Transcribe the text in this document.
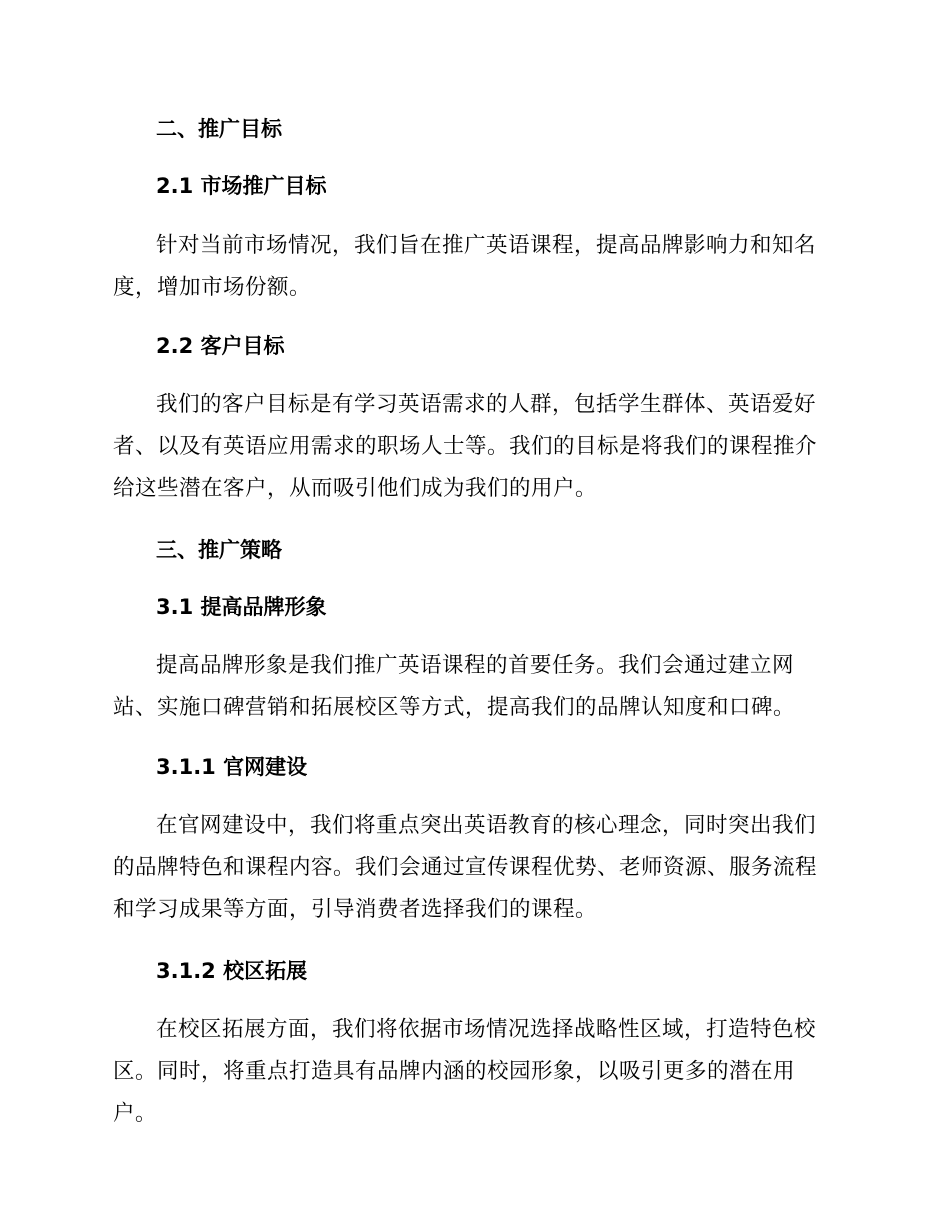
二、推广目标
2.1 市场推广目标

针对当前市场情况，我们旨在推广英语课程，提高品牌影响力和知名度，增加市场份额。

2.2 客户目标

我们的客户目标是有学习英语需求的人群，包括学生群体、英语爱好者、以及有英语应用需求的职场人士等。我们的目标是将我们的课程推介给这些潜在客户，从而吸引他们成为我们的用户。

三、推广策略
3.1 提高品牌形象

提高品牌形象是我们推广英语课程的首要任务。我们会通过建立网站、实施口碑营销和拓展校区等方式，提高我们的品牌认知度和口碑。

3.1.1 官网建设

在官网建设中，我们将重点突出英语教育的核心理念，同时突出我们的品牌特色和课程内容。我们会通过宣传课程优势、老师资源、服务流程和学习成果等方面，引导消费者选择我们的课程。

3.1.2 校区拓展

在校区拓展方面，我们将依据市场情况选择战略性区域，打造特色校区。同时，将重点打造具有品牌内涵的校园形象，以吸引更多的潜在用户。
